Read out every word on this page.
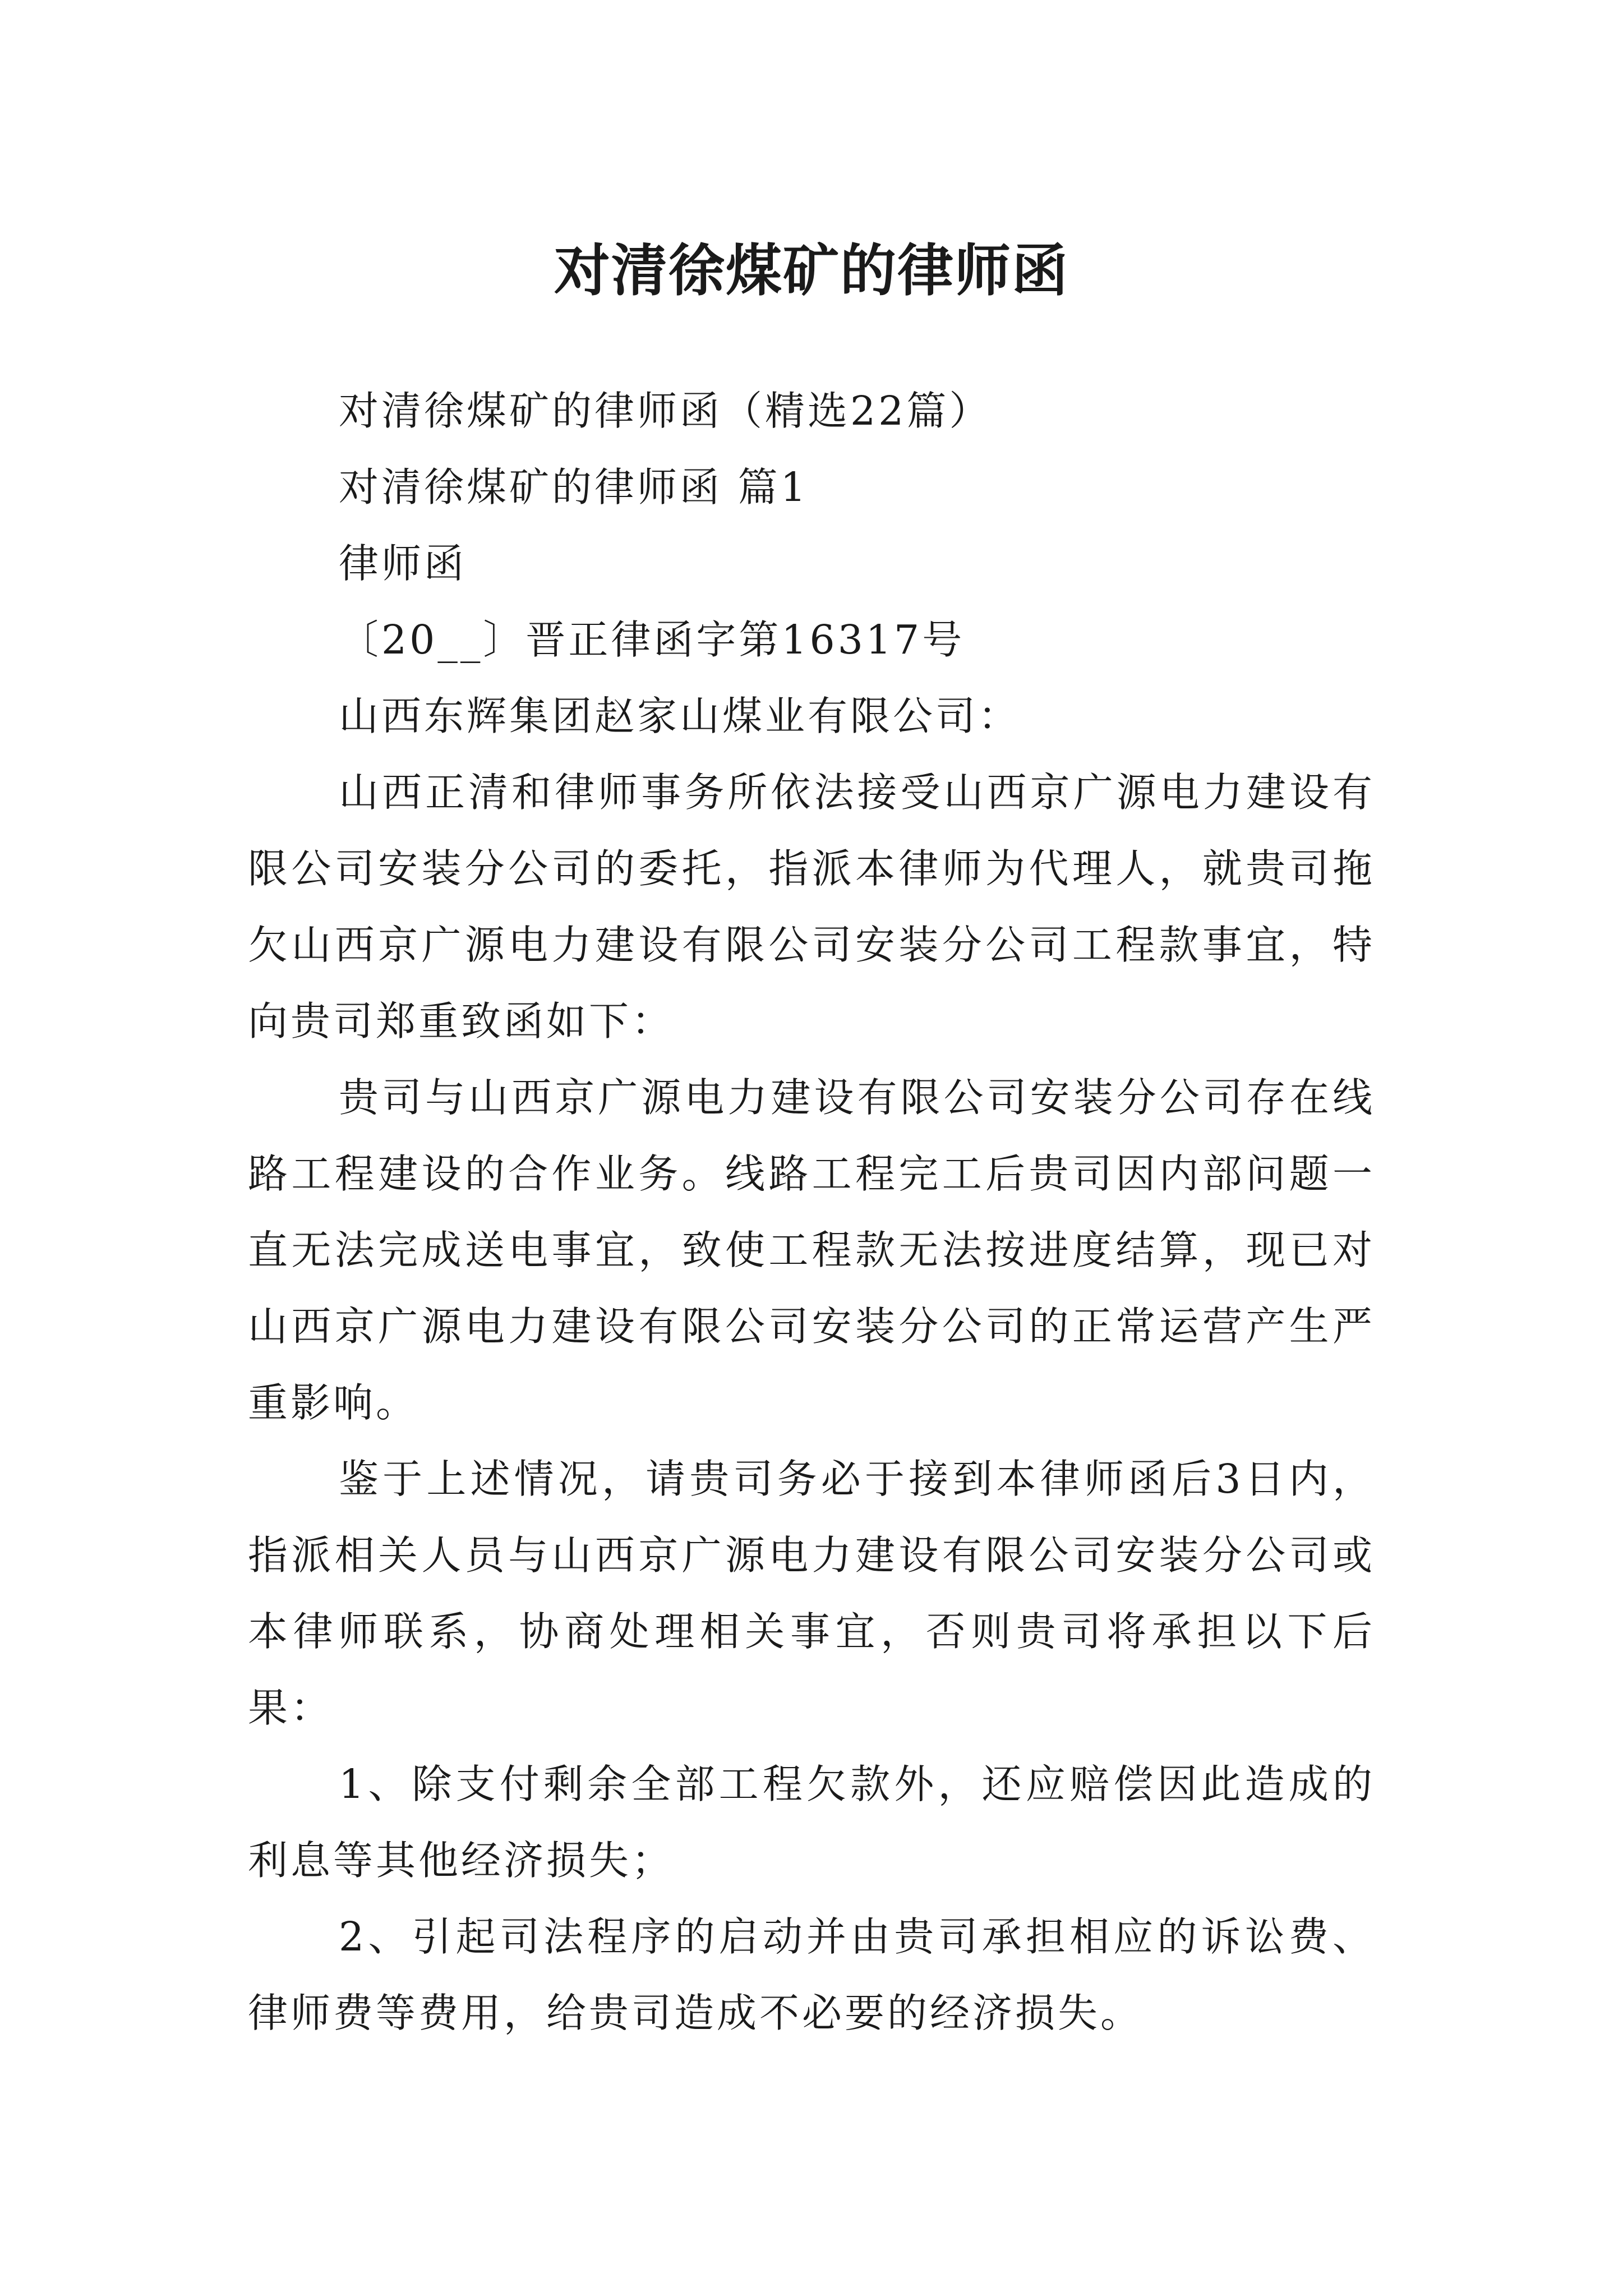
对清徐煤矿的律师函
对清徐煤矿的律师函（精选22篇）
对清徐煤矿的律师函 篇1
律师函
〔20__〕晋正律函字第16317号
山西东辉集团赵家山煤业有限公司：

山西正清和律师事务所依法接受山西京广源电力建设有限公司安装分公司的委托，指派本律师为代理人，就贵司拖欠山西京广源电力建设有限公司安装分公司工程款事宜，特向贵司郑重致函如下：

贵司与山西京广源电力建设有限公司安装分公司存在线路工程建设的合作业务。线路工程完工后贵司因内部问题一直无法完成送电事宜，致使工程款无法按进度结算，现已对山西京广源电力建设有限公司安装分公司的正常运营产生严重影响。

鉴于上述情况，请贵司务必于接到本律师函后3日内，指派相关人员与山西京广源电力建设有限公司安装分公司或本律师联系，协商处理相关事宜，否则贵司将承担以下后果：

1、除支付剩余全部工程欠款外，还应赔偿因此造成的利息等其他经济损失；

2、引起司法程序的启动并由贵司承担相应的诉讼费、律师费等费用，给贵司造成不必要的经济损失。
